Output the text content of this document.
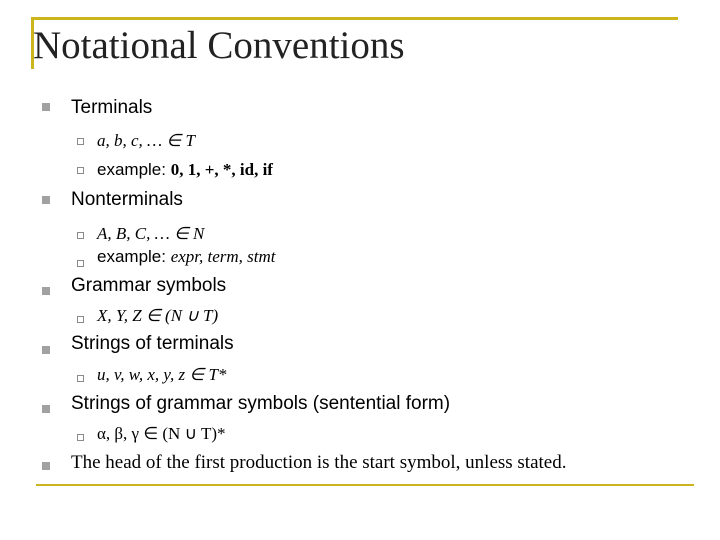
Notational Conventions
Terminals
a, b, c, … ∈ T
example: 0, 1, +, *, id, if
Nonterminals
A, B, C, … ∈ N
example: expr, term, stmt
Grammar symbols
X, Y, Z ∈ (N ∪ T)
Strings of terminals
u, v, w, x, y, z ∈ T*
Strings of grammar symbols (sentential form)
α, β, γ ∈ (N ∪ T)*
The head of the first production is the start symbol, unless stated.
